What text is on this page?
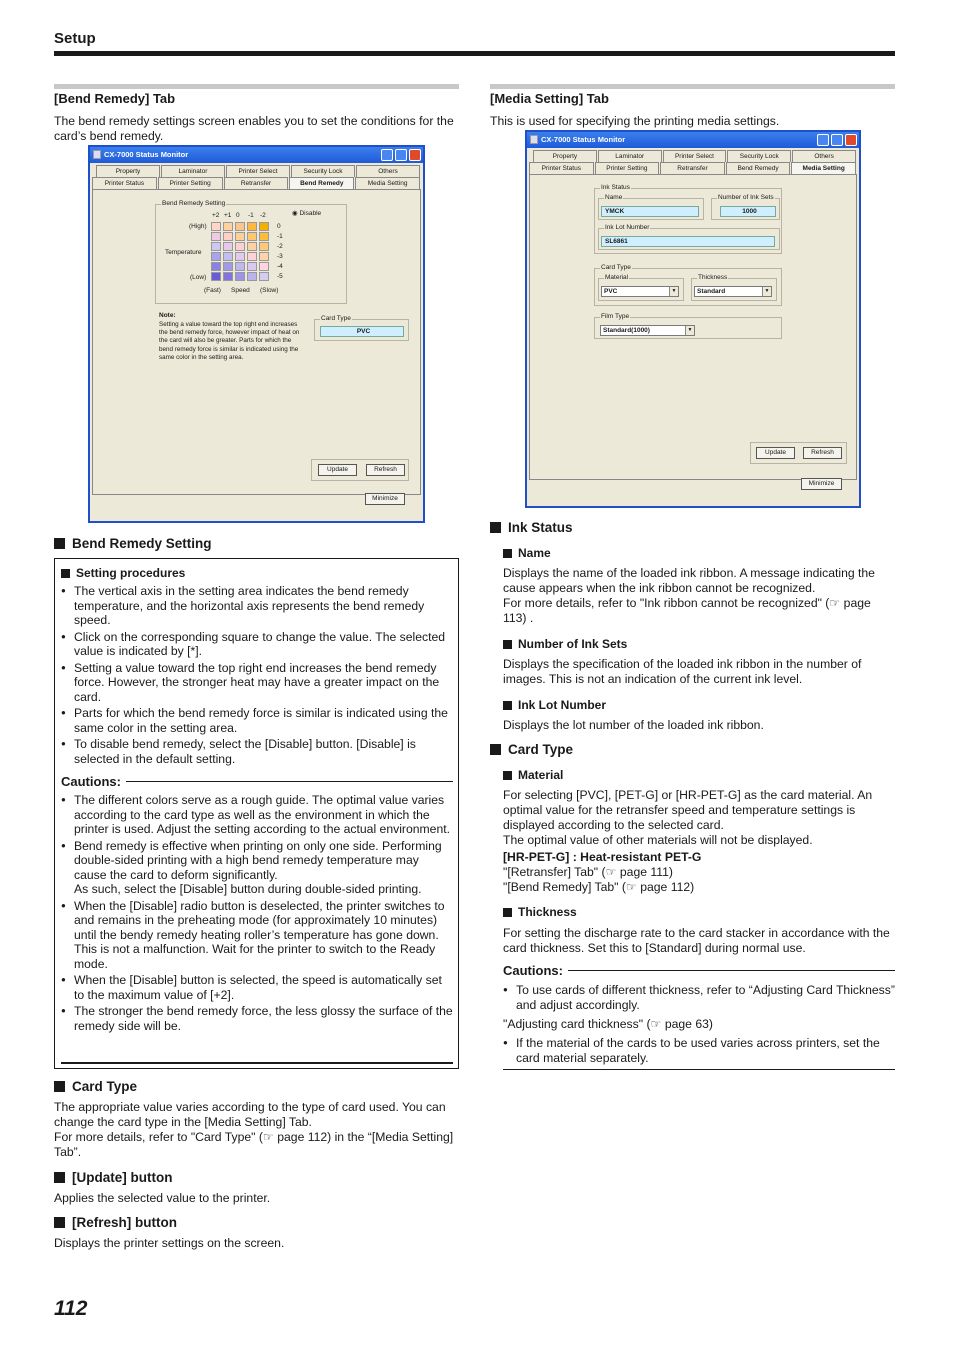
Setup
[Bend Remedy] Tab
The bend remedy settings screen enables you to set the conditions for the card’s bend remedy.
CX-7000 Status Monitor
Property	Laminator	Printer Select	Security Lock	Others
Printer Status	Printer Setting	Retransfer	Bend Remedy	Media Setting
Bend Remedy Setting
(High)
Temperature
(Low)
(Fast) Speed (Slow)
◉ Disable
+2 +1 0 -1 -2
0
-1
-2
-3
-4
-5
Note:
Setting a value toward the top right end increases the bend remedy force, however impact of heat on the card will also be greater. Parts for which the bend remedy force is similar is indicated using the same color in the setting area.
Card Type
PVC
Update	Refresh
Minimize
Bend Remedy Setting
Setting procedures
● The vertical axis in the setting area indicates the bend remedy temperature, and the horizontal axis represents the bend remedy speed.
● Click on the corresponding square to change the value. The selected value is indicated by [*].
● Setting a value toward the top right end increases the bend remedy force. However, the stronger heat may have a greater impact on the card.
● Parts for which the bend remedy force is similar is indicated using the same color in the setting area.
● To disable bend remedy, select the [Disable] button. [Disable] is selected in the default setting.
Cautions:
● The different colors serve as a rough guide. The optimal value varies according to the card type as well as the environment in which the printer is used. Adjust the setting according to the actual environment.
● Bend remedy is effective when printing on only one side. Performing double-sided printing with a high bend remedy temperature may cause the card to deform significantly.
As such, select the [Disable] button during double-sided printing.
● When the [Disable] radio button is deselected, the printer switches to and remains in the preheating mode (for approximately 10 minutes) until the bendy remedy heating roller’s temperature has gone down.
This is not a malfunction. Wait for the printer to switch to the Ready mode.
● When the [Disable] button is selected, the speed is automatically set to the maximum value of [+2].
● The stronger the bend remedy force, the less glossy the surface of the remedy side will be.
Card Type
The appropriate value varies according to the type of card used. You can change the card type in the [Media Setting] Tab.
For more details, refer to "Card Type" (☞ page 112) in the “[Media Setting] Tab”.
[Update] button
Applies the selected value to the printer.
[Refresh] button
Displays the printer settings on the screen.
112
[Media Setting] Tab
This is used for specifying the printing media settings.
CX-7000 Status Monitor
Property	Laminator	Printer Select	Security Lock	Others
Printer Status	Printer Setting	Retransfer	Bend Remedy	Media Setting
Ink Status
Name
YMCK
Number of Ink Sets
1000
Ink Lot Number
SL6861
Card Type
Material
PVC	▼
Thickness
Standard	▼
Film Type
Standard(1000)	▼
Update	Refresh
Minimize
Ink Status
Name
Displays the name of the loaded ink ribbon. A message indicating the cause appears when the ink ribbon cannot be recognized.
For more details, refer to "Ink ribbon cannot be recognized" (☞ page 113) .
Number of Ink Sets
Displays the specification of the loaded ink ribbon in the number of images. This is not an indication of the current ink level.
Ink Lot Number
Displays the lot number of the loaded ink ribbon.
Card Type
Material
For selecting [PVC], [PET-G] or [HR-PET-G] as the card material. An optimal value for the retransfer speed and temperature settings is displayed according to the selected card.
The optimal value of other materials will not be displayed.
[HR-PET-G] : Heat-resistant PET-G
"[Retransfer] Tab" (☞ page 111)
"[Bend Remedy] Tab" (☞ page 112)
Thickness
For setting the discharge rate to the card stacker in accordance with the card thickness. Set this to [Standard] during normal use.
Cautions:
● To use cards of different thickness, refer to “Adjusting Card Thickness” and adjust accordingly.
"Adjusting card thickness" (☞ page 63)
● If the material of the cards to be used varies across printers, set the card material separately.
